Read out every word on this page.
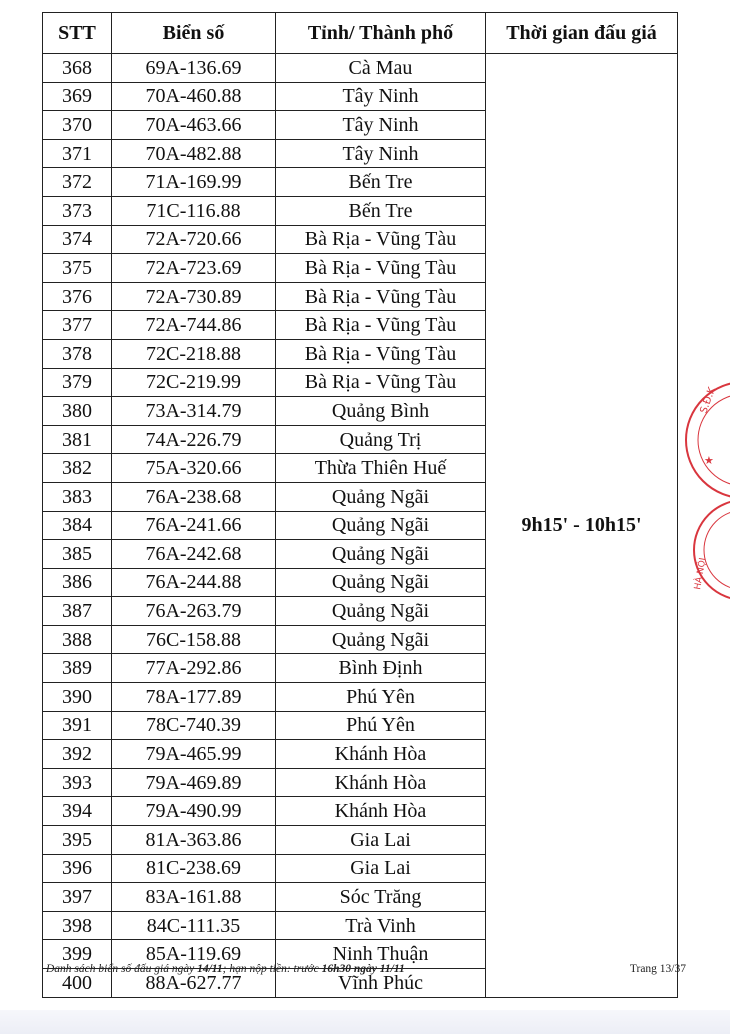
STT	Biển số	Tỉnh/ Thành phố	Thời gian đấu giá
368	69A-136.69	Cà Mau	9h15' - 10h15'
369	70A-460.88	Tây Ninh	
370	70A-463.66	Tây Ninh	
371	70A-482.88	Tây Ninh	
372	71A-169.99	Bến Tre	
373	71C-116.88	Bến Tre	
374	72A-720.66	Bà Rịa - Vũng Tàu	
375	72A-723.69	Bà Rịa - Vũng Tàu	
376	72A-730.89	Bà Rịa - Vũng Tàu	
377	72A-744.86	Bà Rịa - Vũng Tàu	
378	72C-218.88	Bà Rịa - Vũng Tàu	
379	72C-219.99	Bà Rịa - Vũng Tàu	
380	73A-314.79	Quảng Bình	
381	74A-226.79	Quảng Trị	
382	75A-320.66	Thừa Thiên Huế	
383	76A-238.68	Quảng Ngãi	
384	76A-241.66	Quảng Ngãi	
385	76A-242.68	Quảng Ngãi	
386	76A-244.88	Quảng Ngãi	
387	76A-263.79	Quảng Ngãi	
388	76C-158.88	Quảng Ngãi	
389	77A-292.86	Bình Định	
390	78A-177.89	Phú Yên	
391	78C-740.39	Phú Yên	
392	79A-465.99	Khánh Hòa	
393	79A-469.89	Khánh Hòa	
394	79A-490.99	Khánh Hòa	
395	81A-363.86	Gia Lai	
396	81C-238.69	Gia Lai	
397	83A-161.88	Sóc Trăng	
398	84C-111.35	Trà Vinh	
399	85A-119.69	Ninh Thuận	
400	88A-627.77	Vĩnh Phúc	
S.Đ.K
HÀ NỘI
★
Danh sách biển số đấu giá ngày 14/11; hạn nộp tiền: trước 16h30 ngày 11/11	Trang 13/37
